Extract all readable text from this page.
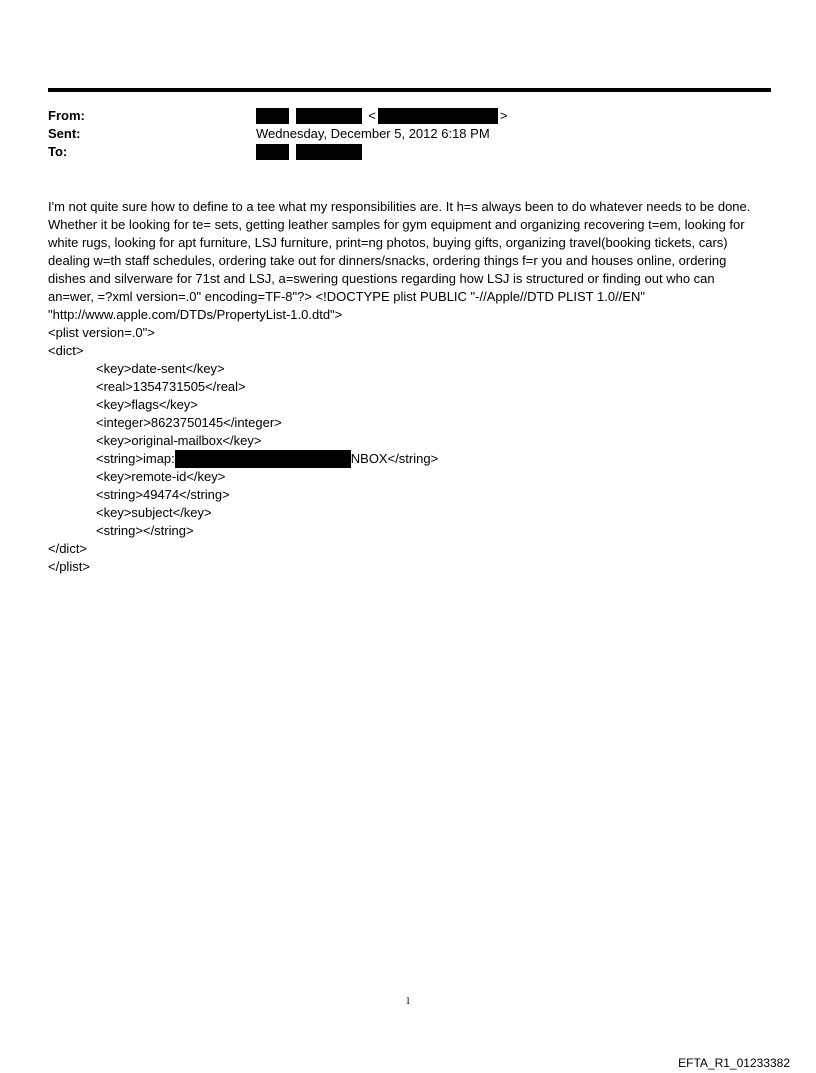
From:	<	>
Sent:	Wednesday, December 5, 2012 6:18 PM
To:

I'm not quite sure how to define to a tee what my responsibilities are. It h=s always been to do whatever needs to be done. Whether it be looking for te= sets, getting leather samples for gym equipment and organizing recovering t=em, looking for white rugs, looking for apt furniture, LSJ furniture, print=ng photos, buying gifts, organizing travel(booking tickets, cars) dealing w=th staff schedules, ordering take out for dinners/snacks, ordering things f=r you and houses online, ordering dishes and silverware for 71st and LSJ, a=swering questions regarding how LSJ is structured or finding out who can an=wer, =?xml version=.0" encoding=TF-8"?> <!DOCTYPE plist PUBLIC "-//Apple//DTD PLIST 1.0//EN" "http://www.apple.com/DTDs/PropertyList-1.0.dtd">

<plist version=.0">
<dict>
<key>date-sent</key>
<real>1354731505</real>
<key>flags</key>
<integer>8623750145</integer>
<key>original-mailbox</key>
<string>imap:	NBOX</string>
<key>remote-id</key>
<string>49474</string>
<key>subject</key>
<string></string>
</dict>
</plist>
1
EFTA_R1_01233382
